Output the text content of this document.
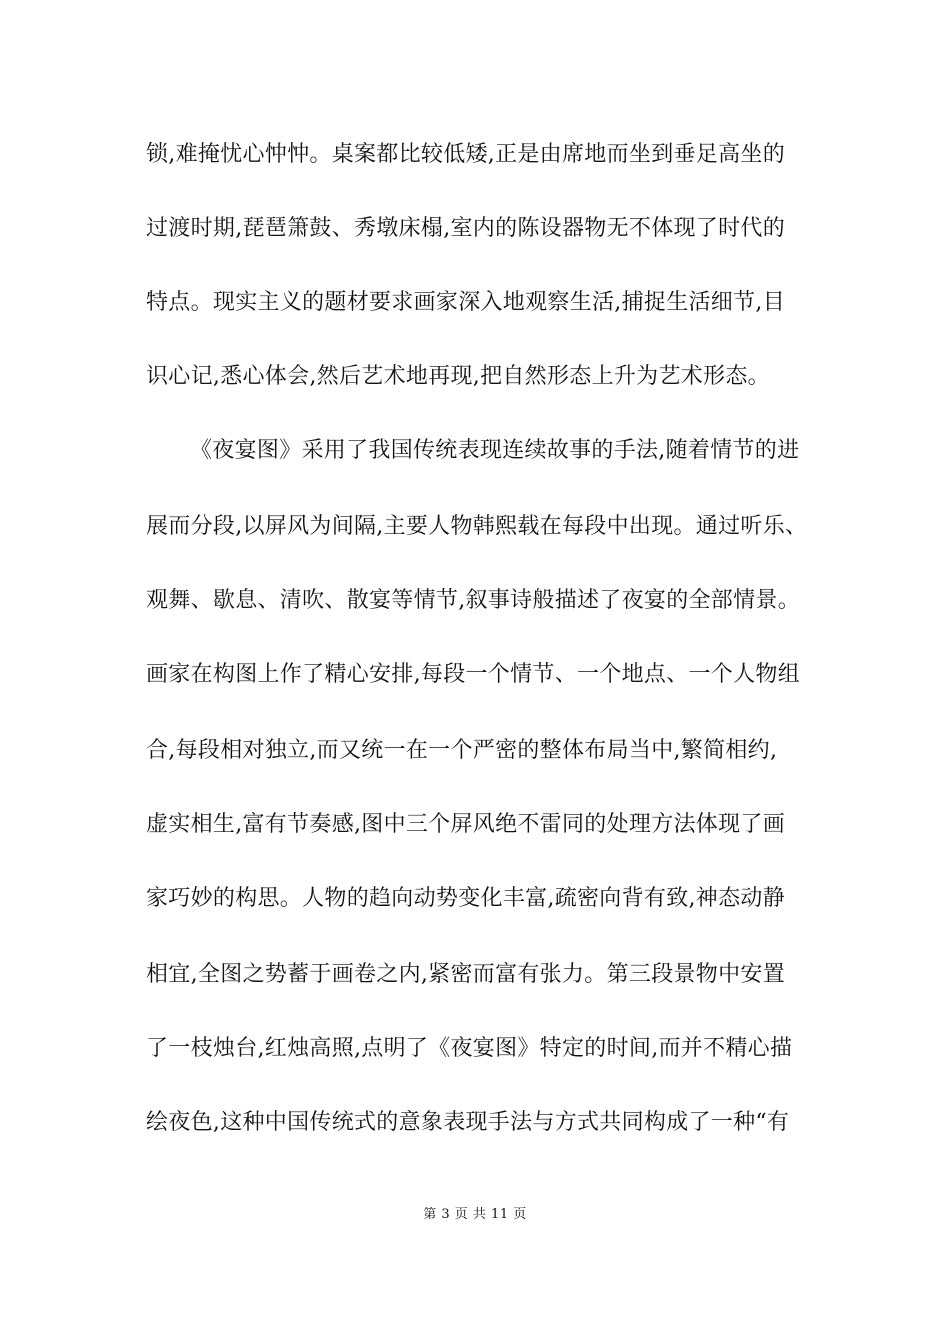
锁,难掩忧心忡忡。桌案都比较低矮,正是由席地而坐到垂足高坐的
过渡时期,琵琶箫鼓、秀墩床榻,室内的陈设器物无不体现了时代的
特点。现实主义的题材要求画家深入地观察生活,捕捉生活细节,目
识心记,悉心体会,然后艺术地再现,把自然形态上升为艺术形态。
《夜宴图》采用了我国传统表现连续故事的手法,随着情节的进
展而分段,以屏风为间隔,主要人物韩熙载在每段中出现。通过听乐、
观舞、歇息、清吹、散宴等情节,叙事诗般描述了夜宴的全部情景。
画家在构图上作了精心安排,每段一个情节、一个地点、一个人物组
合,每段相对独立,而又统一在一个严密的整体布局当中,繁简相约,
虚实相生,富有节奏感,图中三个屏风绝不雷同的处理方法体现了画
家巧妙的构思。人物的趋向动势变化丰富,疏密向背有致,神态动静
相宜,全图之势蓄于画卷之内,紧密而富有张力。第三段景物中安置
了一枝烛台,红烛高照,点明了《夜宴图》特定的时间,而并不精心描
绘夜色,这种中国传统式的意象表现手法与方式共同构成了一种“有
第 3 页 共 11 页
